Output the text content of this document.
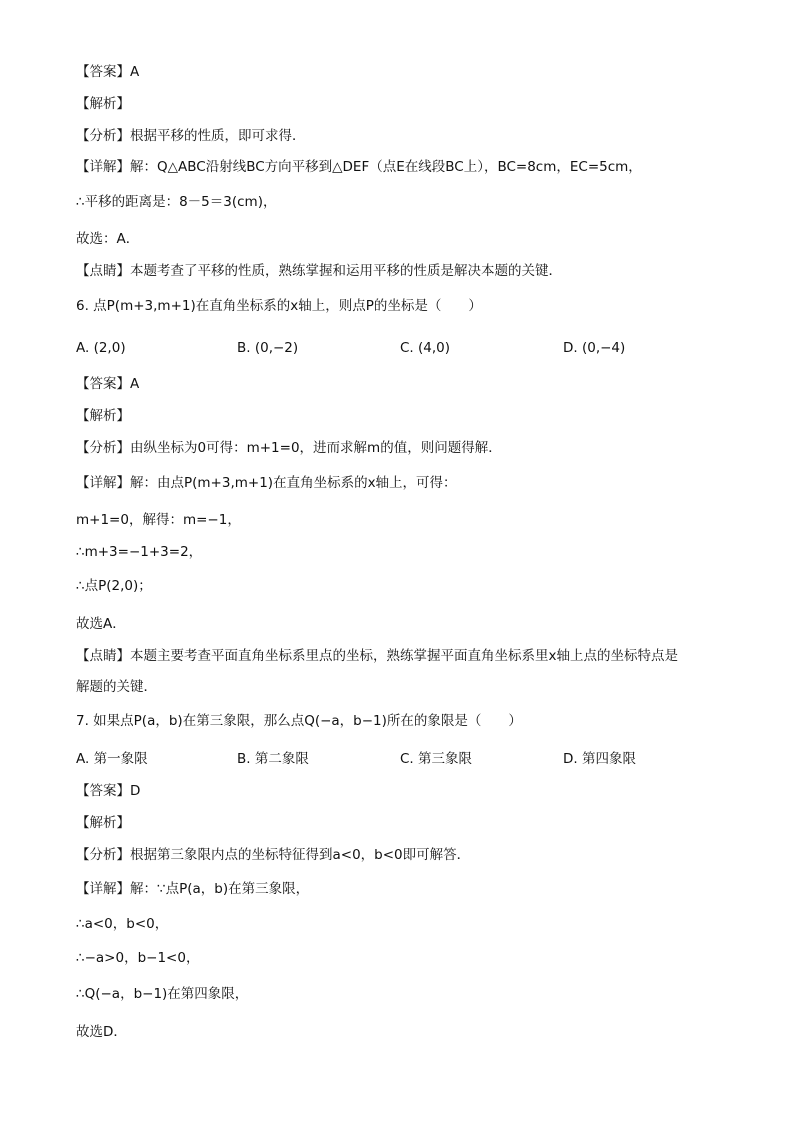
【答案】A
【解析】
【分析】根据平移的性质，即可求得．
【详解】解：Q△ABC沿射线BC方向平移到△DEF（点E在线段BC上），BC=8cm，EC=5cm，
∴平移的距离是：8－5＝3(cm)，
故选：A．
【点睛】本题考查了平移的性质，熟练掌握和运用平移的性质是解决本题的关键．
6. 点P(m+3,m+1)在直角坐标系的x轴上，则点P的坐标是（　　）
【答案】A
【解析】
【分析】由纵坐标为0可得：m+1=0，进而求解m的值，则问题得解．
【详解】解：由点P(m+3,m+1)在直角坐标系的x轴上，可得：
m+1=0，解得：m=−1，
∴m+3=−1+3=2，
∴点P(2,0)；
故选A．
【点睛】本题主要考查平面直角坐标系里点的坐标，熟练掌握平面直角坐标系里x轴上点的坐标特点是
解题的关键．
7. 如果点P(a，b)在第三象限，那么点Q(−a，b−1)所在的象限是（　　）
【答案】D
【解析】
【分析】根据第三象限内点的坐标特征得到a<0，b<0即可解答．
【详解】解：∵点P(a，b)在第三象限，
∴a<0，b<0，
∴−a>0，b−1<0，
∴Q(−a，b−1)在第四象限，
故选D．
A. (2,0)	B. (0,−2)	C. (4,0)	D. (0,−4)
A. 第一象限	B. 第二象限	C. 第三象限	D. 第四象限
